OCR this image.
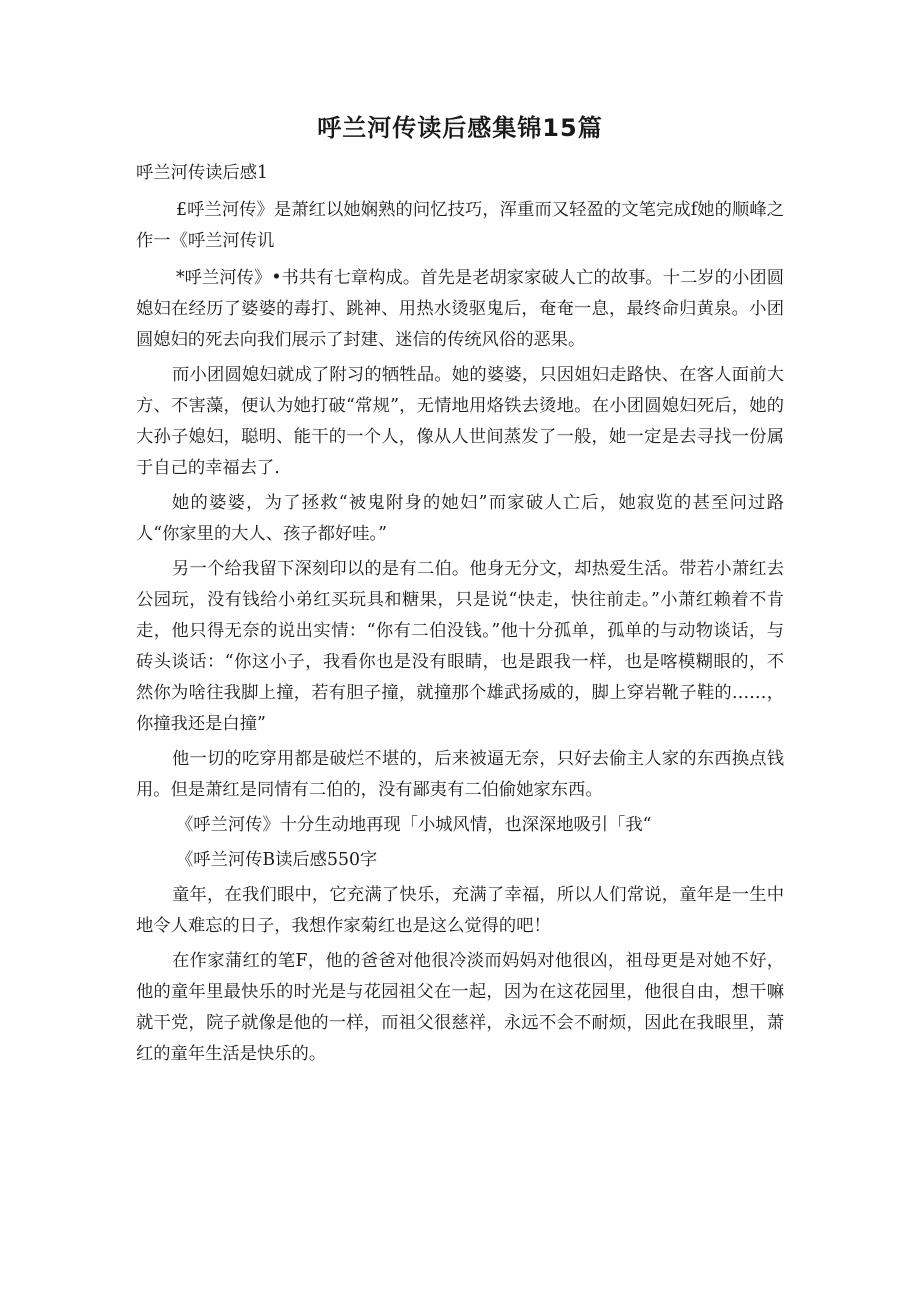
呼兰河传读后感集锦15篇
呼兰河传读后感1

£呼兰河传》是萧红以她娴熟的问忆技巧，浑重而又轻盈的文笔完成f她的顺峰之作一《呼兰河传讥

*呼兰河传》•书共有七章构成。首先是老胡家家破人亡的故事。十二岁的小团圆媳妇在经历了婆婆的毒打、跳神、用热水烫驱鬼后，奄奄一息，最终命归黄泉。小团圆媳妇的死去向我们展示了封建、迷信的传统风俗的恶果。

而小团圆媳妇就成了附习的牺牲品。她的婆婆，只因姐妇走路快、在客人面前大方、不害藻，便认为她打破“常规”，无情地用烙铁去烫地。在小团圆媳妇死后，她的大孙子媳妇，聪明、能干的一个人，像从人世间蒸发了一般，她一定是去寻找一份属于自己的幸福去了.

她的婆婆，为了拯救“被鬼附身的她妇”而家破人亡后，她寂览的甚至问过路人“你家里的大人、孩子都好哇。”

另一个给我留下深刻印以的是有二伯。他身无分文，却热爱生活。带若小萧红去公园玩，没有钱给小弟红买玩具和糖果，只是说“快走，快往前走。”小萧红赖着不肯走，他只得无奈的说出实情：“你有二伯没钱。”他十分孤单，孤单的与动物谈话，与砖头谈话：“你这小子，我看你也是没有眼睛，也是跟我一样，也是喀模糊眼的，不然你为啥往我脚上撞，若有胆子撞，就撞那个雄武扬威的，脚上穿岩靴子鞋的……，你撞我还是白撞”

他一切的吃穿用都是破烂不堪的，后来被逼无奈，只好去偷主人家的东西换点钱用。但是萧红是同情有二伯的，没有鄙夷有二伯偷她家东西。

《呼兰河传》十分生动地再现「小城风情，也深深地吸引「我“

《呼兰河传B读后感550字

童年，在我们眼中，它充满了快乐，充满了幸福，所以人们常说，童年是一生中地令人难忘的日子，我想作家菊红也是这么觉得的吧！

在作家蒲红的笔F，他的爸爸对他很冷淡而妈妈对他很凶，祖母更是对她不好，他的童年里最快乐的时光是与花园祖父在一起，因为在这花园里，他很自由，想干嘛就干党，院子就像是他的一样，而祖父很慈祥，永远不会不耐烦，因此在我眼里，萧红的童年生活是快乐的。
